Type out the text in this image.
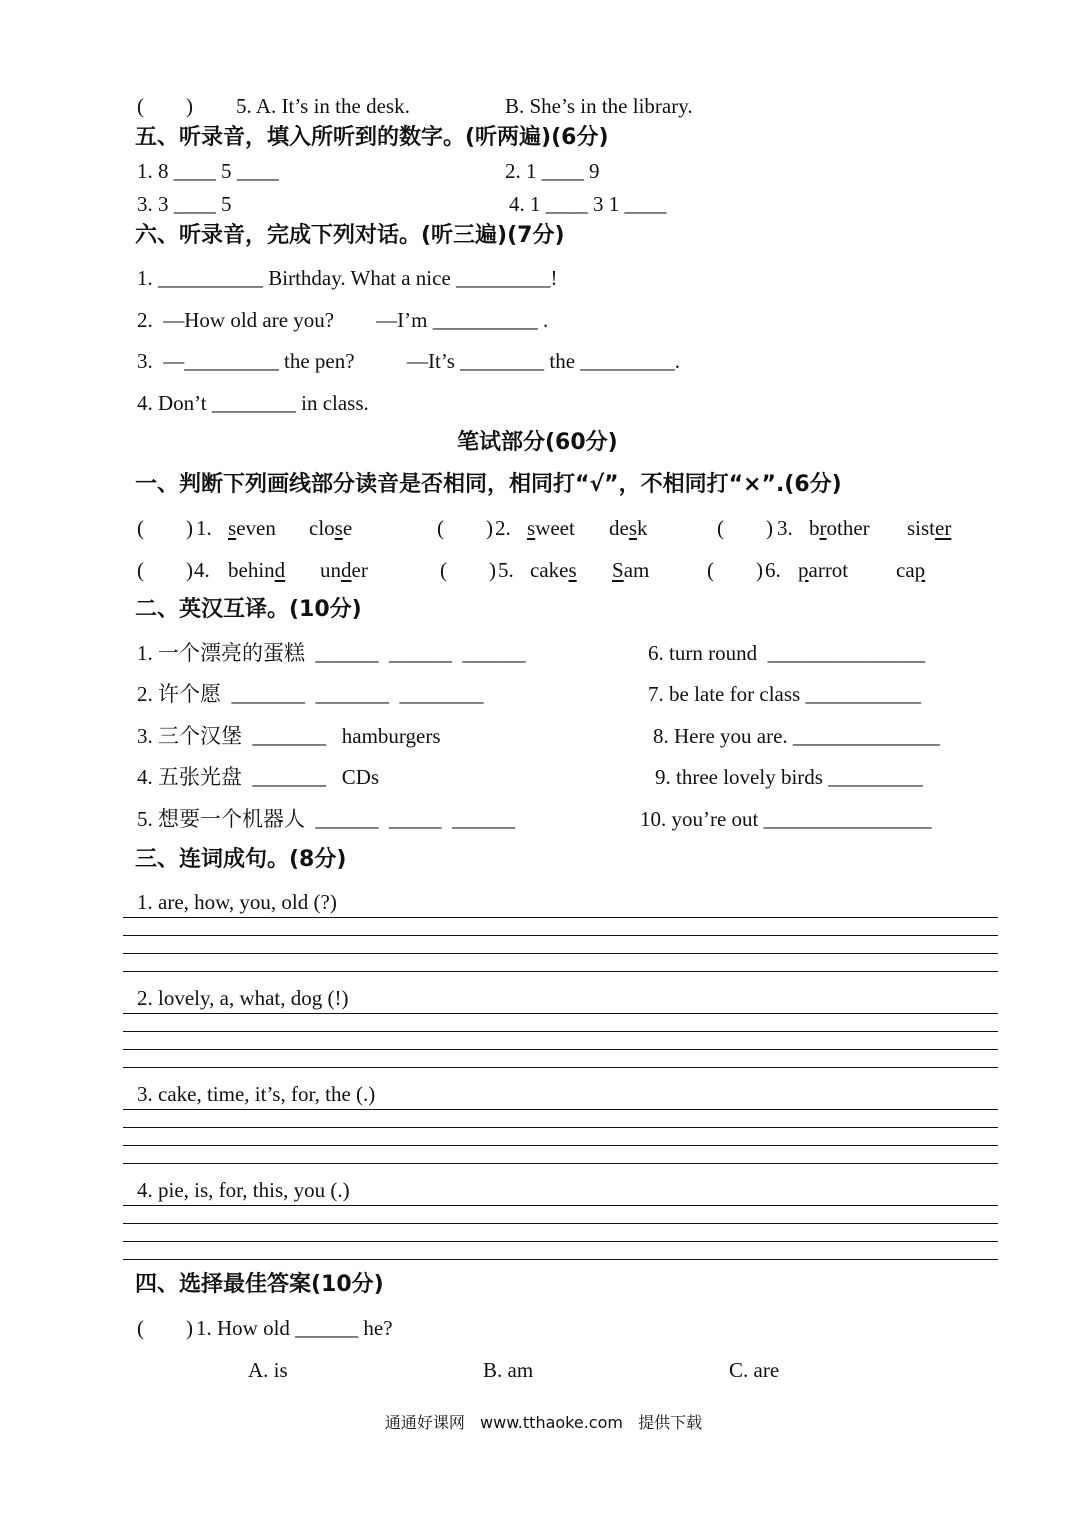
(        ) 5. A. It’s in the desk.	B. She’s in the library.
五、听录音，填入所听到的数字。(听两遍)(6分)
1. 8 ____ 5 ____	2. 1 ____ 9
3. 3 ____ 5	4. 1 ____ 3 1 ____
六、听录音，完成下列对话。(听三遍)(7分)
1. __________ Birthday. What a nice _________!
2.  —How old are you?        —I’m __________ .
3.  —_________ the pen?          —It’s ________ the _________.
4. Don’t ________ in class.
笔试部分(60分)
一、判断下列画线部分读音是否相同，相同打“√”，不相同打“×”.(6分)
(        ) 1. seven close	(        ) 2. sweet desk	(        ) 3. brother sister
(        ) 4. behind under	(        ) 5. cakes Sam	(        ) 6. parrot cap
二、英汉互译。(10分)
1. 一个漂亮的蛋糕  ______  ______  ______
2. 许个愿  _______  _______  ________
3. 三个汉堡  _______   hamburgers
4. 五张光盘  _______   CDs
5. 想要一个机器人  ______  _____  ______
6. turn round  _______________
7. be late for class ___________
8. Here you are. ______________
9. three lovely birds _________
10. you’re out ________________
三、连词成句。(8分)
1. are, how, you, old (?)
2. lovely, a, what, dog (!)
3. cake, time, it’s, for, the (.)
4. pie, is, for, this, you (.)
四、选择最佳答案(10分)
(        ) 1. How old ______ he?
A. is	B. am	C. are
通通好课网 www.tthaoke.com 提供下载
